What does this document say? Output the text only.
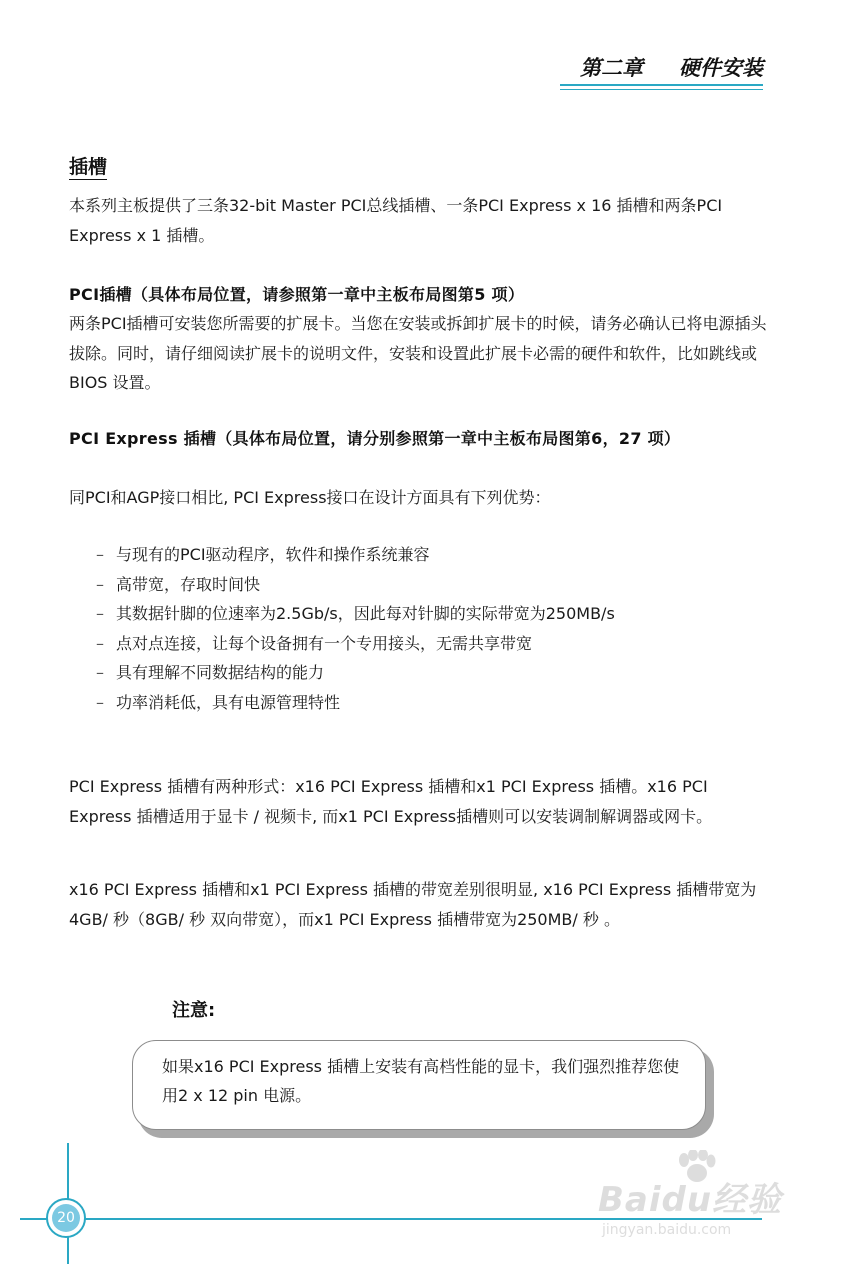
第二章 硬件安装
插槽

本系列主板提供了三条32-bit Master PCI总线插槽、一条PCI Express x 16 插槽和两条PCI Express x 1 插槽。

PCI插槽（具体布局位置，请参照第一章中主板布局图第5 项）

两条PCI插槽可安装您所需要的扩展卡。当您在安装或拆卸扩展卡的时候，请务必确认已将电源插头拔除。同时，请仔细阅读扩展卡的说明文件，安装和设置此扩展卡必需的硬件和软件，比如跳线或BIOS 设置。

PCI Express 插槽（具体布局位置，请分别参照第一章中主板布局图第6，27 项）

同PCI和AGP接口相比, PCI Express接口在设计方面具有下列优势：

– 与现有的PCI驱动程序，软件和操作系统兼容
– 高带宽，存取时间快
– 其数据针脚的位速率为2.5Gb/s，因此每对针脚的实际带宽为250MB/s
– 点对点连接，让每个设备拥有一个专用接头，无需共享带宽
– 具有理解不同数据结构的能力
– 功率消耗低，具有电源管理特性

PCI Express 插槽有两种形式：x16 PCI Express 插槽和x1 PCI Express 插槽。x16 PCI Express 插槽适用于显卡 / 视频卡, 而x1 PCI Express插槽则可以安装调制解调器或网卡。

x16 PCI Express 插槽和x1 PCI Express 插槽的带宽差别很明显, x16 PCI Express 插槽带宽为4GB/ 秒（8GB/ 秒 双向带宽），而x1 PCI Express 插槽带宽为250MB/ 秒 。

注意:

如果x16 PCI Express 插槽上安装有高档性能的显卡，我们强烈推荐您使用2 x 12 pin 电源。

20	Baidu经验
jingyan.baidu.com
